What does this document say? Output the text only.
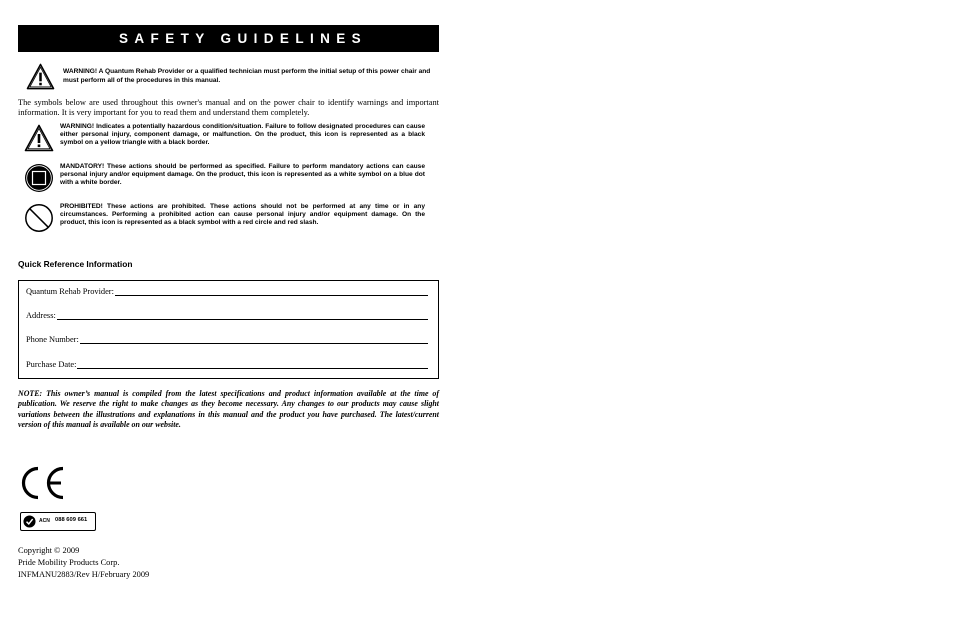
SAFETY GUIDELINES
WARNING! A Quantum Rehab Provider or a qualified technician must perform the initial setup of this power chair and must perform all of the procedures in this manual.
The symbols below are used throughout this owner's manual and on the power chair to identify warnings and important information. It is very important for you to read them and understand them completely.
WARNING! Indicates a potentially hazardous condition/situation. Failure to follow designated procedures can cause either personal injury, component damage, or malfunction. On the product, this icon is represented as a black symbol on a yellow triangle with a black border.
MANDATORY! These actions should be performed as specified. Failure to perform mandatory actions can cause personal injury and/or equipment damage. On the product, this icon is represented as a white symbol on a blue dot with a white border.
PROHIBITED! These actions are prohibited. These actions should not be performed at any time or in any circumstances. Performing a prohibited action can cause personal injury and/or equipment damage. On the product, this icon is represented as a black symbol with a red circle and red slash.
Quick Reference Information
Quantum Rehab Provider:
Address:
Phone Number:
Purchase Date:
NOTE: This owner’s manual is compiled from the latest specifications and product information available at the time of publication. We reserve the right to make changes as they become necessary. Any changes to our products may cause slight variations between the illustrations and explanations in this manual and the product you have purchased. The latest/current version of this manual is available on our website.
ACN 088 609 661
Copyright © 2009
Pride Mobility Products Corp.
INFMANU2883/Rev H/February 2009
